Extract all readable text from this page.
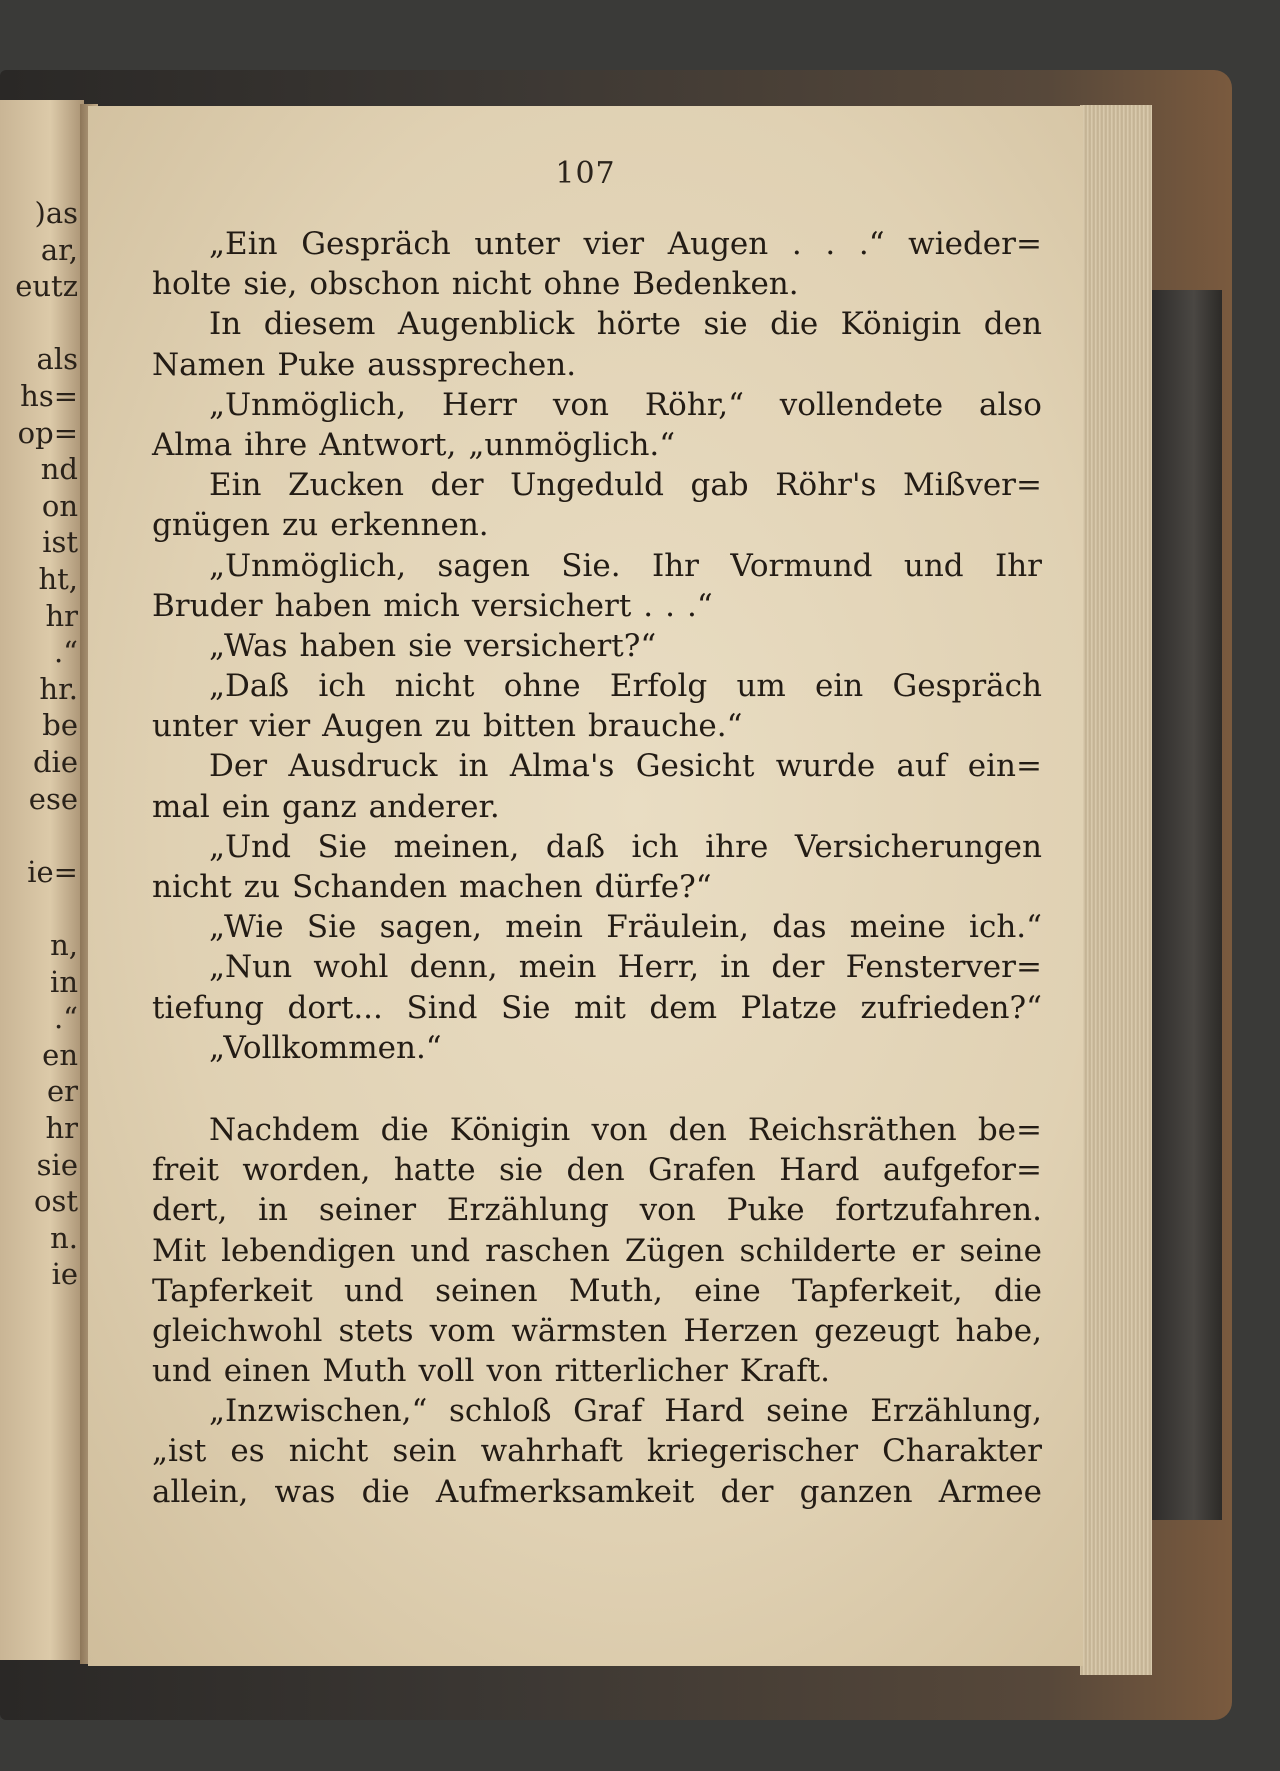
)as
ar,
eutz
als
hs=
op=
nd
on
ist
ht,
hr
.“
hr.
be
die
ese
ie=
n,
in
.“
en
er
hr
sie
ost
n.
ie
107
„Ein Gespräch unter vier Augen . . .“ wieder=
holte sie, obschon nicht ohne Bedenken.
In diesem Augenblick hörte sie die Königin den
Namen Puke aussprechen.
„Unmöglich, Herr von Röhr,“ vollendete also
Alma ihre Antwort, „unmöglich.“
Ein Zucken der Ungeduld gab Röhr's Mißver=
gnügen zu erkennen.
„Unmöglich, sagen Sie. Ihr Vormund und Ihr
Bruder haben mich versichert . . .“
„Was haben sie versichert?“
„Daß ich nicht ohne Erfolg um ein Gespräch
unter vier Augen zu bitten brauche.“
Der Ausdruck in Alma's Gesicht wurde auf ein=
mal ein ganz anderer.
„Und Sie meinen, daß ich ihre Versicherungen
nicht zu Schanden machen dürfe?“
„Wie Sie sagen, mein Fräulein, das meine ich.“
„Nun wohl denn, mein Herr, in der Fensterver=
tiefung dort... Sind Sie mit dem Platze zufrieden?“
„Vollkommen.“
Nachdem die Königin von den Reichsräthen be=
freit worden, hatte sie den Grafen Hard aufgefor=
dert, in seiner Erzählung von Puke fortzufahren.
Mit lebendigen und raschen Zügen schilderte er seine
Tapferkeit und seinen Muth, eine Tapferkeit, die
gleichwohl stets vom wärmsten Herzen gezeugt habe,
und einen Muth voll von ritterlicher Kraft.
„Inzwischen,“ schloß Graf Hard seine Erzählung,
„ist es nicht sein wahrhaft kriegerischer Charakter
allein, was die Aufmerksamkeit der ganzen Armee
